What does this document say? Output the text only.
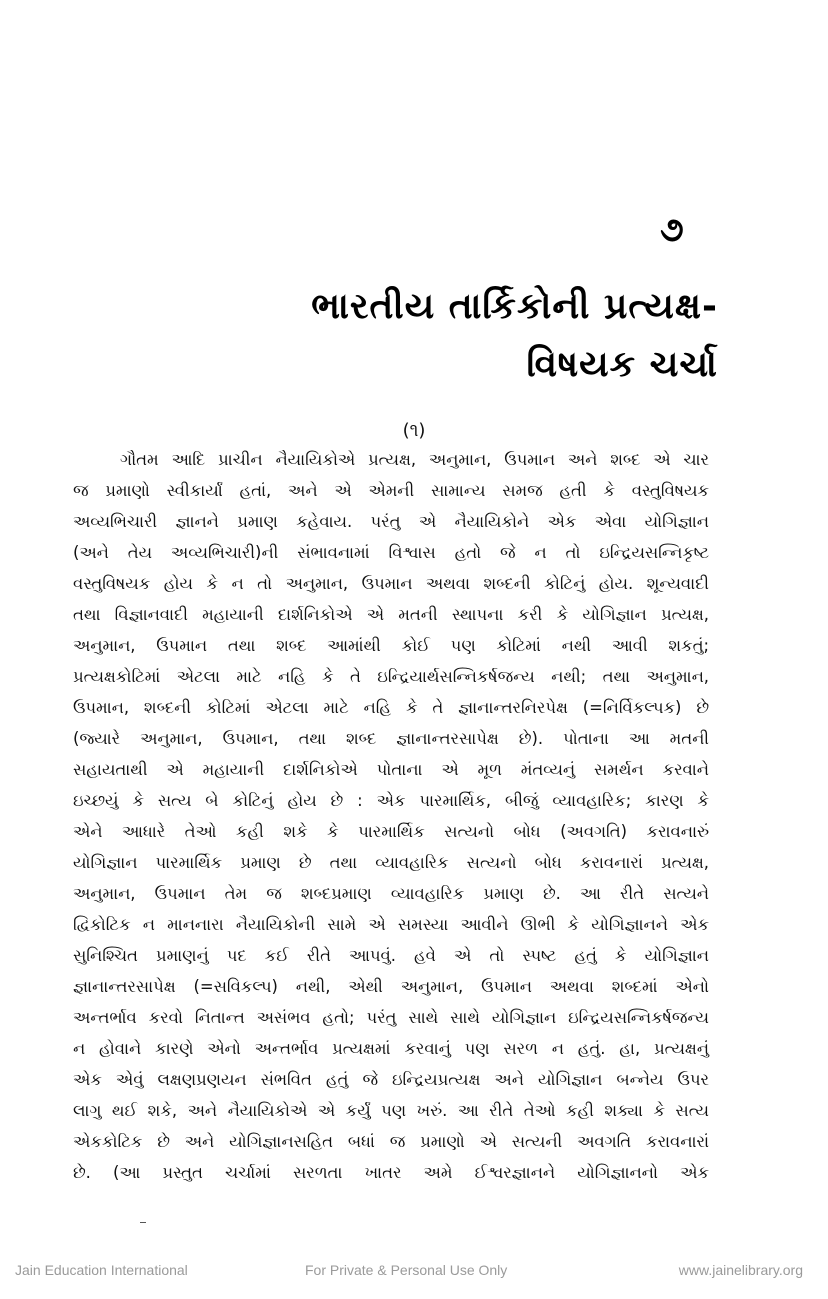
૭
ભારતીય તાર્કિકોની પ્રત્યક્ષ-
વિષયક ચર્ચા
(૧)
ગૌતમ આદિ પ્રાચીન નૈયાયિકોએ પ્રત્યક્ષ, અનુમાન, ઉપમાન અને શબ્દ એ ચાર
જ પ્રમાણો સ્વીકાર્યાં હતાં, અને એ એમની સામાન્ય સમજ હતી કે વસ્તુવિષયક
અવ્યભિચારી જ્ઞાનને પ્રમાણ કહેવાય. પરંતુ એ નૈયાયિકોને એક એવા યોગિજ્ઞાન
(અને તેય અવ્યભિચારી)ની સંભાવનામાં વિશ્વાસ હતો જે ન તો ઇન્દ્રિયસન્નિકૃષ્ટ
વસ્તુવિષયક હોય કે ન તો અનુમાન, ઉપમાન અથવા શબ્દની કોટિનું હોય. શૂન્યવાદી
તથા વિજ્ઞાનવાદી મહાયાની દાર્શનિકોએ એ મતની સ્થાપના કરી કે યોગિજ્ઞાન પ્રત્યક્ષ,
અનુમાન, ઉપમાન તથા શબ્દ આમાંથી કોઈ પણ કોટિમાં નથી આવી શકતું;
પ્રત્યક્ષકોટિમાં એટલા માટે નહિ કે તે ઇન્દ્રિયાર્થસન્નિકર્ષજન્ય નથી; તથા અનુમાન,
ઉપમાન, શબ્દની કોટિમાં એટલા માટે નહિ કે તે જ્ઞાનાન્તરનિરપેક્ષ (=નિર્વિકલ્પક) છે
(જ્યારે અનુમાન, ઉપમાન, તથા શબ્દ જ્ઞાનાન્તરસાપેક્ષ છે). પોતાના આ મતની
સહાયતાથી એ મહાયાની દાર્શનિકોએ પોતાના એ મૂળ મંતવ્યનું સમર્થન કરવાને
ઇચ્છયું કે સત્ય બે કોટિનું હોય છે : એક પારમાર્થિક, બીજું વ્યાવહારિક; કારણ કે
એને આધારે તેઓ કહી શકે કે પારમાર્થિક સત્યનો બોધ (અવગતિ) કરાવનારું
યોગિજ્ઞાન પારમાર્થિક પ્રમાણ છે તથા વ્યાવહારિક સત્યનો બોધ કરાવનારાં પ્રત્યક્ષ,
અનુમાન, ઉપમાન તેમ જ શબ્દપ્રમાણ વ્યાવહારિક પ્રમાણ છે. આ રીતે સત્યને
દ્વિકોટિક ન માનનારા નૈયાયિકોની સામે એ સમસ્યા આવીને ઊભી કે યોગિજ્ઞાનને એક
સુનિશ્ચિત પ્રમાણનું પદ કઈ રીતે આપવું. હવે એ તો સ્પષ્ટ હતું કે યોગિજ્ઞાન
જ્ઞાનાન્તરસાપેક્ષ (=સવિકલ્પ) નથી, એથી અનુમાન, ઉપમાન અથવા શબ્દમાં એનો
અન્તર્ભાવ કરવો નિતાન્ત અસંભવ હતો; પરંતુ સાથે સાથે યોગિજ્ઞાન ઇન્દ્રિયસન્નિકર્ષજન્ય
ન હોવાને કારણે એનો અન્તર્ભાવ પ્રત્યક્ષમાં કરવાનું પણ સરળ ન હતું. હા, પ્રત્યક્ષનું
એક એવું લક્ષણપ્રણયન સંભવિત હતું જે ઇન્દ્રિયપ્રત્યક્ષ અને યોગિજ્ઞાન બન્નેય ઉપર
લાગુ થઈ શકે, અને નૈયાયિકોએ એ કર્યું પણ ખરું. આ રીતે તેઓ કહી શક્યા કે સત્ય
એકકોટિક છે અને યોગિજ્ઞાનસહિત બધાં જ પ્રમાણો એ સત્યની અવગતિ કરાવનારાં
છે. (આ પ્રસ્તુત ચર્ચામાં સરળતા ખાતર અમે ઈશ્વરજ્ઞાનને યોગિજ્ઞાનનો એક
Jain Education International	For Private & Personal Use Only	www.jainelibrary.org
